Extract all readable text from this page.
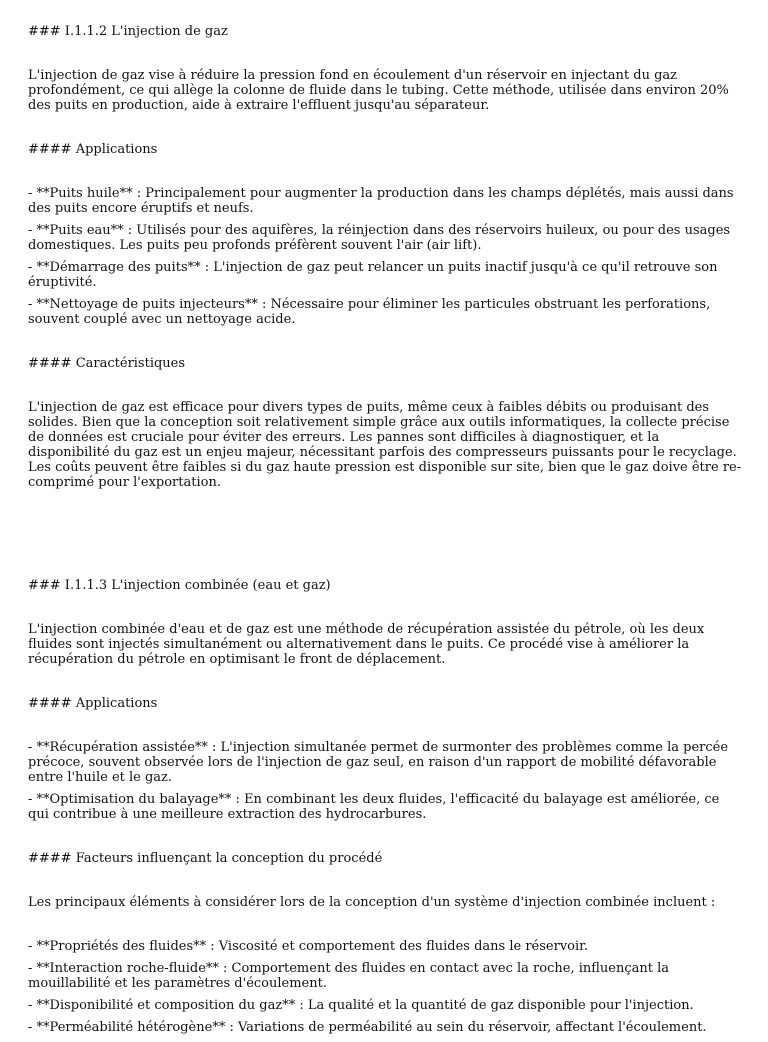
### I.1.1.2 L'injection de gaz

L'injection de gaz vise à réduire la pression fond en écoulement d'un réservoir en injectant du gaz profondément, ce qui allège la colonne de fluide dans le tubing. Cette méthode, utilisée dans environ 20% des puits en production, aide à extraire l'effluent jusqu'au séparateur.

#### Applications

- **Puits huile** : Principalement pour augmenter la production dans les champs déplétés, mais aussi dans des puits encore éruptifs et neufs.

- **Puits eau** : Utilisés pour des aquifères, la réinjection dans des réservoirs huileux, ou pour des usages domestiques. Les puits peu profonds préfèrent souvent l'air (air lift).

- **Démarrage des puits** : L'injection de gaz peut relancer un puits inactif jusqu'à ce qu'il retrouve son éruptivité.

- **Nettoyage de puits injecteurs** : Nécessaire pour éliminer les particules obstruant les perforations, souvent couplé avec un nettoyage acide.

#### Caractéristiques

L'injection de gaz est efficace pour divers types de puits, même ceux à faibles débits ou produisant des solides. Bien que la conception soit relativement simple grâce aux outils informatiques, la collecte précise de données est cruciale pour éviter des erreurs. Les pannes sont difficiles à diagnostiquer, et la disponibilité du gaz est un enjeu majeur, nécessitant parfois des compresseurs puissants pour le recyclage. Les coûts peuvent être faibles si du gaz haute pression est disponible sur site, bien que le gaz doive être re-comprimé pour l'exportation.

### I.1.1.3 L'injection combinée (eau et gaz)

L'injection combinée d'eau et de gaz est une méthode de récupération assistée du pétrole, où les deux fluides sont injectés simultanément ou alternativement dans le puits. Ce procédé vise à améliorer la récupération du pétrole en optimisant le front de déplacement.

#### Applications

- **Récupération assistée** : L'injection simultanée permet de surmonter des problèmes comme la percée précoce, souvent observée lors de l'injection de gaz seul, en raison d'un rapport de mobilité défavorable entre l'huile et le gaz.

- **Optimisation du balayage** : En combinant les deux fluides, l'efficacité du balayage est améliorée, ce qui contribue à une meilleure extraction des hydrocarbures.

#### Facteurs influençant la conception du procédé

Les principaux éléments à considérer lors de la conception d'un système d'injection combinée incluent :

- **Propriétés des fluides** : Viscosité et comportement des fluides dans le réservoir.

- **Interaction roche-fluide** : Comportement des fluides en contact avec la roche, influençant la mouillabilité et les paramètres d'écoulement.

- **Disponibilité et composition du gaz** : La qualité et la quantité de gaz disponible pour l'injection.

- **Perméabilité hétérogène** : Variations de perméabilité au sein du réservoir, affectant l'écoulement.
